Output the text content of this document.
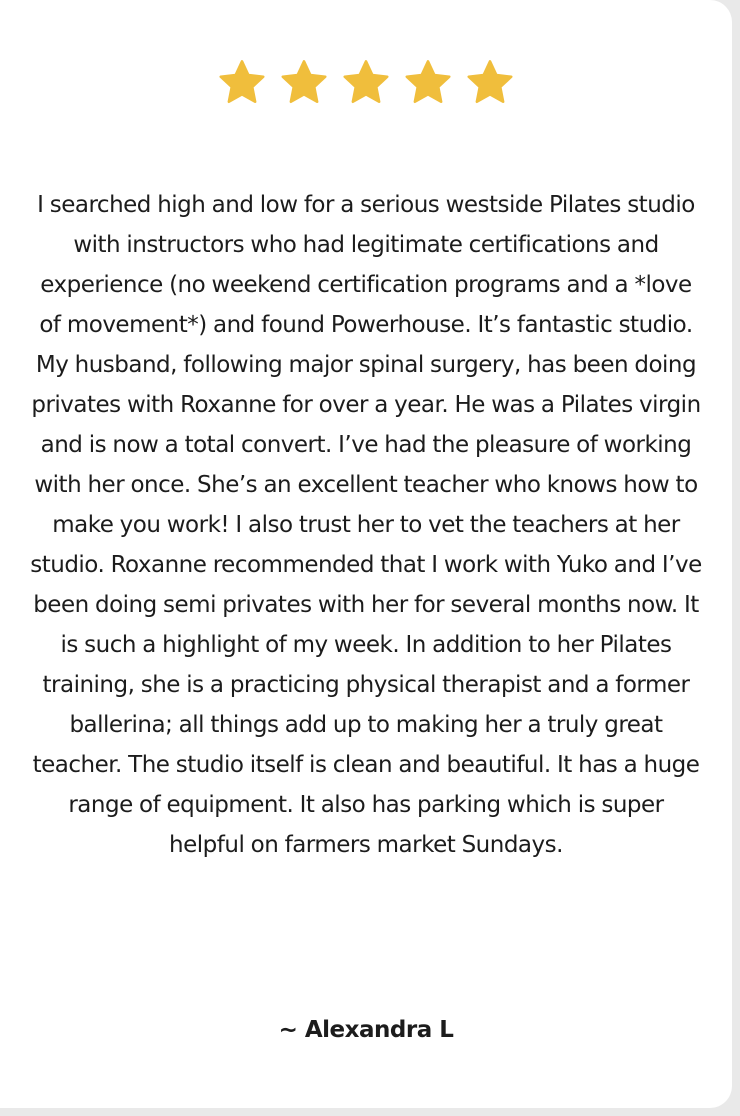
I searched high and low for a serious westside Pilates studio with instructors who had legitimate certifications and experience (no weekend certification programs and a *love of movement*) and found Powerhouse. It’s fantastic studio. My husband, following major spinal surgery, has been doing privates with Roxanne for over a year. He was a Pilates virgin and is now a total convert. I’ve had the pleasure of working with her once. She’s an excellent teacher who knows how to make you work! I also trust her to vet the teachers at her studio. Roxanne recommended that I work with Yuko and I’ve been doing semi privates with her for several months now. It is such a highlight of my week. In addition to her Pilates training, she is a practicing physical therapist and a former ballerina; all things add up to making her a truly great teacher. The studio itself is clean and beautiful. It has a huge range of equipment. It also has parking which is super helpful on farmers market Sundays.

~ Alexandra L
